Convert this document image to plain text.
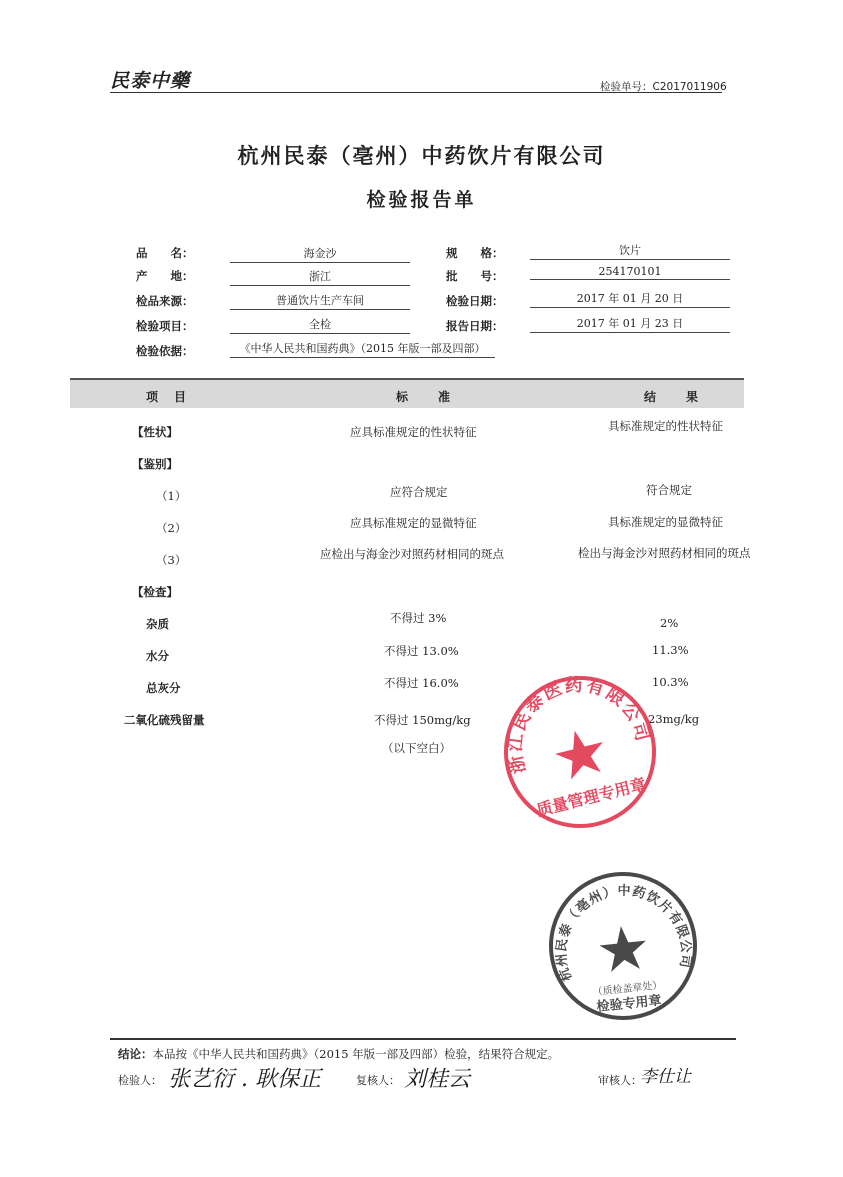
民泰中藥	检验单号：C2017011906
杭州民泰（亳州）中药饮片有限公司
检验报告单
品　　名：	海金沙	规　　格：	饮片
产　　地：	浙江	批　　号：	254170101
检品来源：	普通饮片生产车间	检验日期：	2017 年 01 月 20 日
检验项目：	全检	报告日期：	2017 年 01 月 23 日
检验依据：	《中华人民共和国药典》（2015 年版一部及四部）
项　目	标　　准	结　　果
【性状】	应具标准规定的性状特征	具标准规定的性状特征
【鉴别】
（1）	应符合规定	符合规定
（2）	应具标准规定的显微特征	具标准规定的显微特征
（3）	应检出与海金沙对照药材相同的斑点	检出与海金沙对照药材相同的斑点
【检查】
杂质	不得过 3%	2%
水分	不得过 13.0%	11.3%
总灰分	不得过 16.0%	10.3%
二氧化硫残留量	不得过 150mg/kg	23mg/kg
（以下空白）
浙江民泰医药有限公司
质量管理专用章
杭州民泰（亳州）中药饮片有限公司
（质检盖章处）
检验专用章
结论：本品按《中华人民共和国药典》（2015 年版一部及四部）检验，结果符合规定。
检验人： 张艺衍 . 耿保正	复核人： 刘桂云	审核人：
李仕让
